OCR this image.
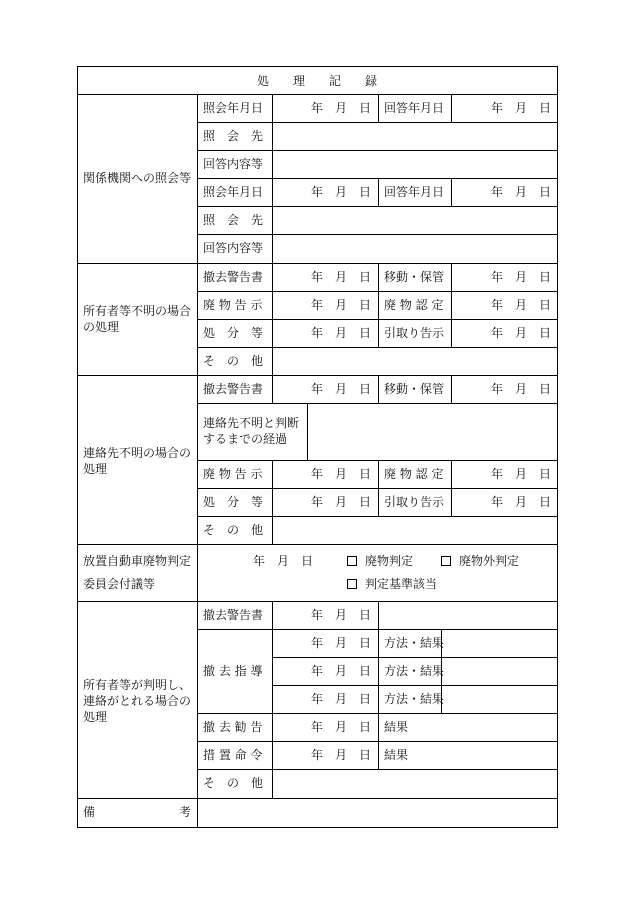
処　　理　　記　　録
関係機関への照会等
照会年月日	年　月　日 回答年月日	年　月　日
照　会　先
回答内容等
照会年月日	年　月　日 回答年月日	年　月　日
照　会　先
回答内容等
所有者等不明の場合の処理
撤去警告書	年　月　日 移動・保管	年　月　日
廃 物 告 示	年　月　日 廃 物 認 定	年　月　日
処　分　等	年　月　日 引取り告示	年　月　日
そ　の　他
連絡先不明の場合の処理
撤去警告書	年　月　日 移動・保管	年　月　日
連絡先不明と判断するまでの経過
廃 物 告 示	年　月　日 廃 物 認 定	年　月　日
処　分　等	年　月　日 引取り告示	年　月　日
そ　の　他
放置自動車廃物判定
委員会付議等
年　月　日	廃物判定	廃物外判定
判定基準該当
所有者等が判明し、連絡がとれる場合の処理
撤去警告書	年　月　日
撤 去 指 導
年　月　日 方法・結果
年　月　日 方法・結果
年　月　日 方法・結果
撤 去 勧 告	年　月　日 結果
措 置 命 令	年　月　日 結果
そ　の　他
備　　　　　　　考
